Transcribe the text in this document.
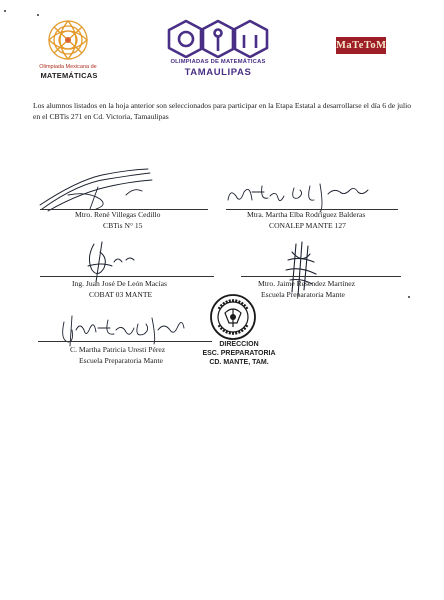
Olimpiada Mexicana de
MATEMÁTICAS
OLIMPIADAS DE MATEMÁTICAS
TAMAULIPAS
MaTeToM
Los alumnos listados en la hoja anterior son seleccionados para participar en la Etapa Estatal a desarrollarse el día 6 de julio en el CBTis 271 en Cd. Victoria, Tamaulipas
Mtro. René Villegas Cedillo
CBTis N° 15
Mtra. Martha Elba Rodríguez Balderas
CONALEP MANTE 127
Ing. Juan José De León Macías
COBAT 03 MANTE
Mtro. Jaime Resendez Martínez
Escuela Preparatoria Mante
C. Martha Patricia Uresti Pérez
Escuela Preparatoria Mante
DIRECCION
ESC. PREPARATORIA
CD. MANTE, TAM.
